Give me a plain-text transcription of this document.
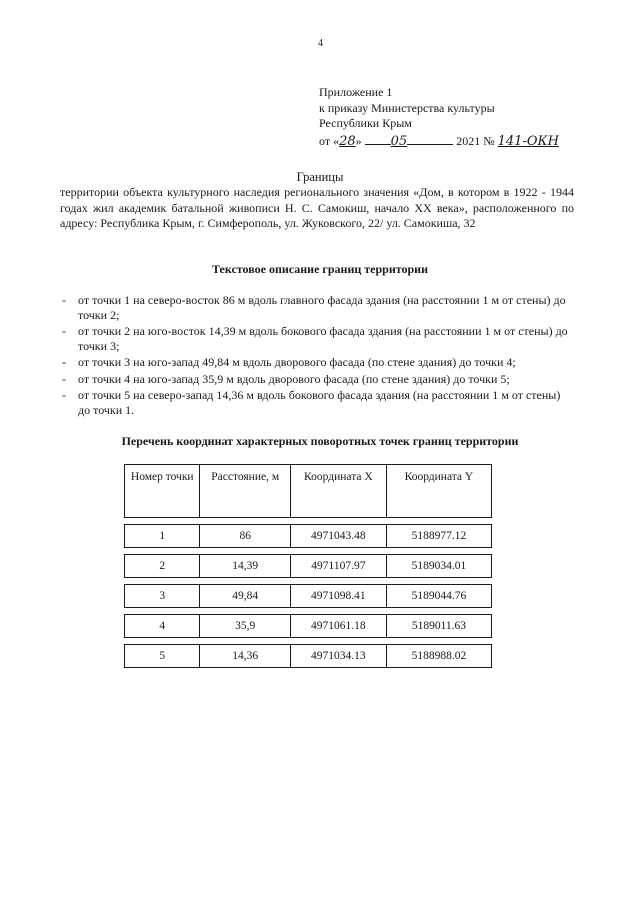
4
Приложение 1
к приказу Министерства культуры
Республики Крым
от «28» 05	2021 № 141-ОКН
Границы
территории объекта культурного наследия регионального значения «Дом, в котором в 1922 - 1944 годах жил академик батальной живописи Н. С. Самокиш, начало XX века», расположенного по адресу: Республика Крым, г. Симферополь, ул. Жуковского, 22/ ул. Самокиша, 32
Текстовое описание границ территории
- от точки 1 на северо-восток 86 м вдоль главного фасада здания (на расстоянии 1 м от стены) до точки 2;
- от точки 2 на юго-восток 14,39 м вдоль бокового фасада здания (на расстоянии 1 м от стены) до точки 3;
- от точки 3 на юго-запад 49,84 м вдоль дворового фасада (по стене здания) до точки 4;
- от точки 4 на юго-запад 35,9 м вдоль дворового фасада (по стене здания) до точки 5;
- от точки 5 на северо-запад 14,36 м вдоль бокового фасада здания (на расстоянии 1 м от стены) до точки 1.
Перечень координат характерных поворотных точек границ территории
Номер точки	Расстояние, м	Координата X	Координата Y

1	86	4971043.48	5188977.12

2	14,39	4971107.97	5189034.01

3	49,84	4971098.41	5189044.76

4	35,9	4971061.18	5189011.63

5	14,36	4971034.13	5188988.02
